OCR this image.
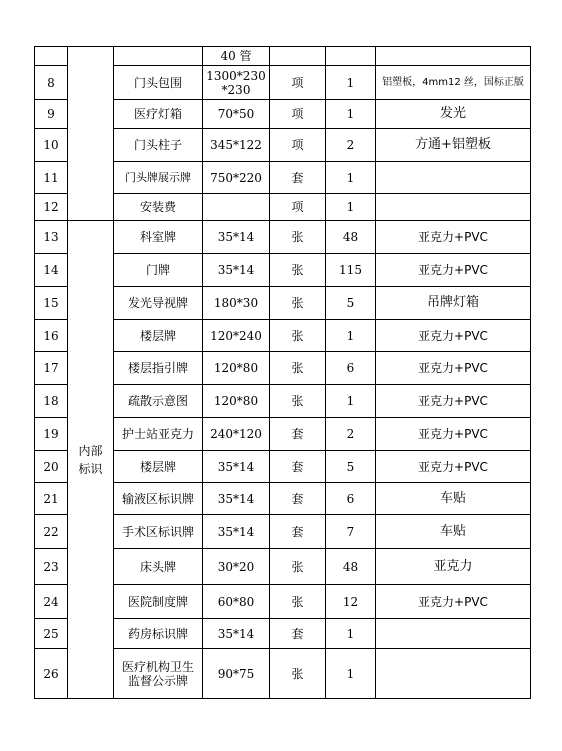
			40 管			
8		门头包围	1300*230*230	项	1	铝塑板，4mm12 丝，国标正版
9		医疗灯箱	70*50	项	1	发光
10		门头柱子	345*122	项	2	方通+铝塑板
11		门头牌展示牌	750*220	套	1	
12		安装费		项	1	
13	内部标识	科室牌	35*14	张	48	亚克力+PVC
14		门牌	35*14	张	115	亚克力+PVC
15		发光导视牌	180*30	张	5	吊牌灯箱
16		楼层牌	120*240	张	1	亚克力+PVC
17		楼层指引牌	120*80	张	6	亚克力+PVC
18		疏散示意图	120*80	张	1	亚克力+PVC
19		护士站亚克力	240*120	套	2	亚克力+PVC
20		楼层牌	35*14	套	5	亚克力+PVC
21		输液区标识牌	35*14	套	6	车贴
22		手术区标识牌	35*14	套	7	车贴
23		床头牌	30*20	张	48	亚克力
24		医院制度牌	60*80	张	12	亚克力+PVC
25		药房标识牌	35*14	套	1	
26		医疗机构卫生监督公示牌	90*75	张	1	
